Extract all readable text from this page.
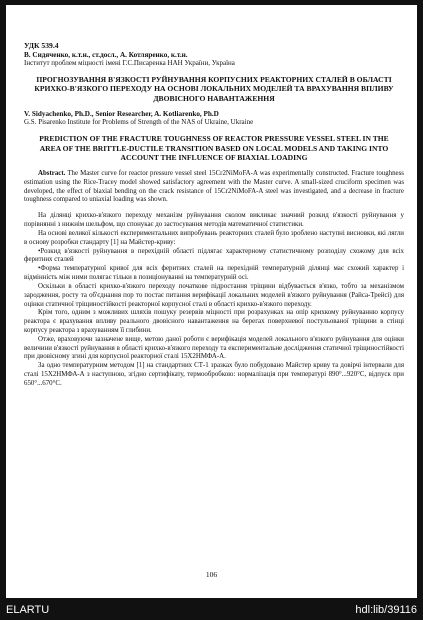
УДК 539.4

В. Сидяченко, к.т.н., ст.досл., А. Котляренко, к.т.н.

Інститут проблем міцності імені Г.С.Писаренка НАН України, Україна

ПРОГНОЗУВАННЯ В'ЯЗКОСТІ РУЙНУВАННЯ КОРПУСНИХ РЕАКТОРНИХ СТАЛЕЙ В ОБЛАСТІ КРИХКО-В'ЯЗКОГО ПЕРЕХОДУ НА ОСНОВІ ЛОКАЛЬНИХ МОДЕЛЕЙ ТА ВРАХУВАННЯ ВПЛИВУ ДВОВІСНОГО НАВАНТАЖЕННЯ

V. Sidyachenko, Ph.D., Senior Researcher, A. Kotliarenko, Ph.D

G.S. Pisarenko Institute for Problems of Strength of the NAS of Ukraine, Ukraine

PREDICTION OF THE FRACTURE TOUGHNESS OF REACTOR PRESSURE VESSEL STEEL IN THE AREA OF THE BRITTLE-DUCTILE TRANSITION BASED ON LOCAL MODELS AND TAKING INTO ACCOUNT THE INFLUENCE OF BIAXIAL LOADING

Abstract. The Master curve for reactor pressure vessel steel 15Cr2NiMoFA-A was experimentally constructed. Fracture toughness estimation using the Rice-Tracey model showed satisfactory agreement with the Master curve. A small-sized cruciform specimen was developed, the effect of biaxial bending on the crack resistance of 15Cr2NiMoFA-A steel was investigated, and a decrease in fracture toughness compared to uniaxial loading was shown.

На ділянці крихко-в'язкого переходу механізм руйнування сколом викликає значний розкид в'язкості руйнування у порівнянні з нижнім шельфом, що спонукає до застосування методів математичної статистики.

На основі великої кількості експериментальних випробувань реакторних сталей було зроблено наступні висновки, які лягли в основу розробки стандарту [1] на Майстер-криву:

•Розкид в'язкості руйнування в перехідній області підлягає характерному статистичному розподілу схожому для всіх феритних сталей

•Форма температурної кривої для всіх феритних сталей на перехідній температурній ділянці має схожий характер і відмінність між ними полягає тільки в позиціонуванні на температурній осі.

Оскільки в області крихко-в'язкого переходу початкове підростання тріщини відбувається в'язко, тобто за механізмом зародження, росту та об'єднання пор то постає питання верифікації локальних моделей в'язкого руйнування (Райса-Трейсі) для оцінки статичної тріщиностійкості реакторної корпусної сталі в області крихко-в'язкого переходу.

Крім того, одним з можливих шляхів пошуку резервів міцності при розрахунках на опір крихкому руйнуванню корпусу реактора є врахування впливу реального двовісного навантаження на берегах поверхневої постульованої тріщини в стінці корпусу реактора з врахуванням її глибини.

Отже, враховуючи зазначене вище, метою даної роботи є верифікація моделей локального в'язкого руйнування для оцінки величини в'язкості руйнування в області крихко-в'язкого переходу та експериментальне дослідження статичної тріщиностійкості при двовісному згині для корпусної реакторної сталі 15Х2НМФА-А.

За одно температурним методом [1] на стандартних СТ-1 зразках було побудовано Майстер криву та довірчі інтервали для сталі 15Х2НМФА-А з наступною, згідно сертифікату, термообробкою: нормалізація при температурі 890°...920°С, відпуск при 650°...670°С.

106
ELARTU	hdl:lib/39116
